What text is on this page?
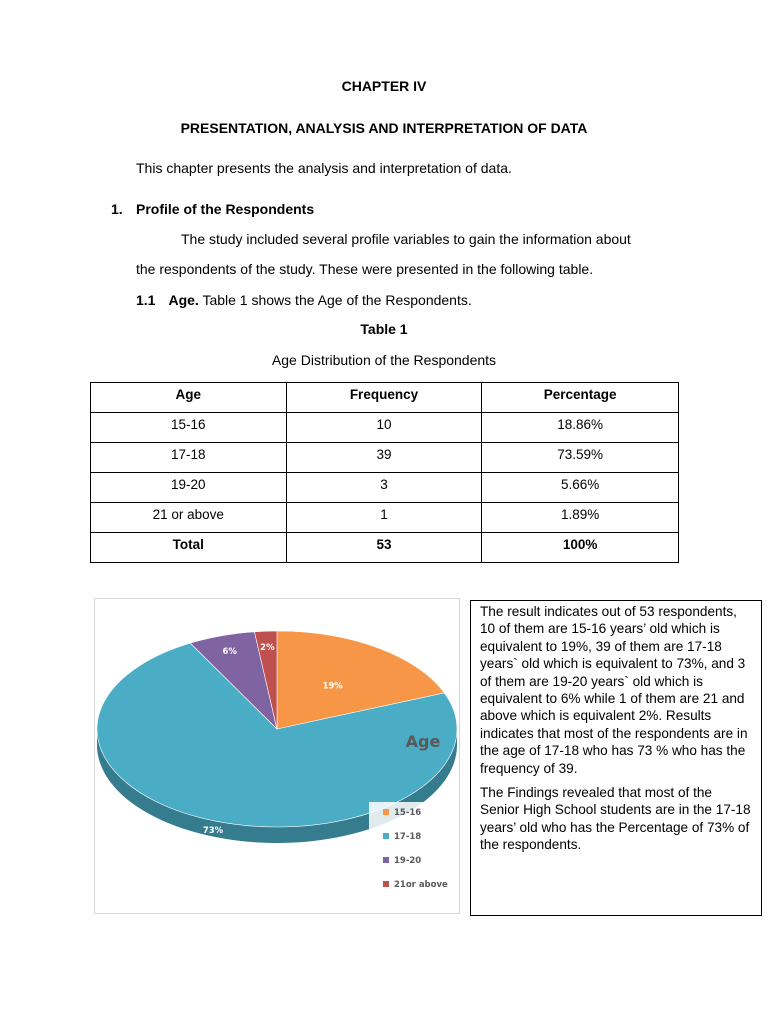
CHAPTER IV
PRESENTATION, ANALYSIS AND INTERPRETATION OF DATA
This chapter presents the analysis and interpretation of data.
1. Profile of the Respondents
The study included several profile variables to gain the information about
the respondents of the study. These were presented in the following table.
1.1 Age. Table 1 shows the Age of the Respondents.
Table 1
Age Distribution of the Respondents
Age	Frequency	Percentage
15-16	10	18.86%
17-18	39	73.59%
19-20	3	5.66%
21 or above	1	1.89%
Total	53	100%
19%
73%
6%	2%
Age
15-16
17-18
19-20
21or above

The result indicates out of 53 respondents, 10 of them are 15-16 years’ old which is equivalent to 19%, 39 of them are 17-18 years` old which is equivalent to 73%, and 3 of them are 19-20 years` old which is equivalent to 6% while 1 of them are 21 and above which is equivalent 2%. Results indicates that most of the respondents are in the age of 17-18 who has 73 % who has the frequency of 39.

The Findings revealed that most of the Senior High School students are in the 17-18 years’ old who has the Percentage of 73% of the respondents.
